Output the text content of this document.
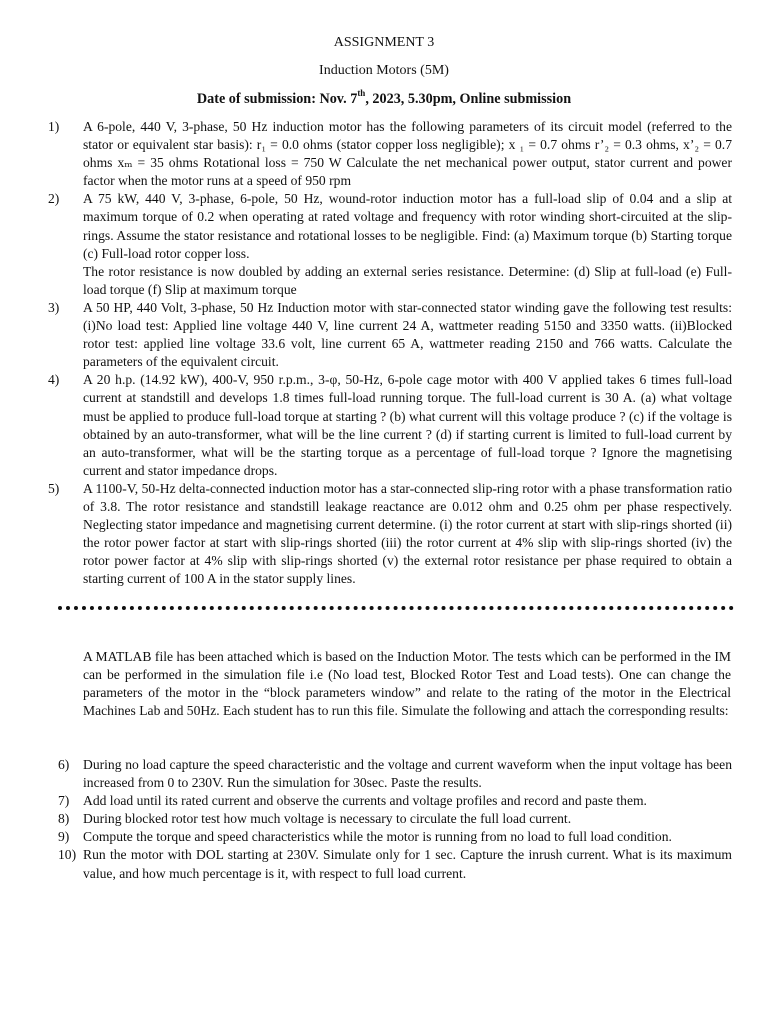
ASSIGNMENT 3
Induction Motors (5M)
Date of submission: Nov. 7th, 2023, 5.30pm, Online submission
1)	A 6-pole, 440 V, 3-phase, 50 Hz induction motor has the following parameters of its circuit model (referred to the stator or equivalent star basis): r₁ = 0.0 ohms (stator copper loss negligible); x ₁ = 0.7 ohms r’₂ = 0.3 ohms, x’₂ = 0.7 ohms xₘ = 35 ohms Rotational loss = 750 W Calculate the net mechanical power output, stator current and power factor when the motor runs at a speed of 950 rpm

2)	A 75 kW, 440 V, 3-phase, 6-pole, 50 Hz, wound-rotor induction motor has a full-load slip of 0.04 and a slip at maximum torque of 0.2 when operating at rated voltage and frequency with rotor winding short-circuited at the slip-rings. Assume the stator resistance and rotational losses to be negligible. Find: (a) Maximum torque (b) Starting torque (c) Full-load rotor copper loss.

The rotor resistance is now doubled by adding an external series resistance. Determine: (d) Slip at full-load (e) Full-load torque (f) Slip at maximum torque

3)	A 50 HP, 440 Volt, 3-phase, 50 Hz Induction motor with star-connected stator winding gave the following test results: (i)No load test: Applied line voltage 440 V, line current 24 A, wattmeter reading 5150 and 3350 watts. (ii)Blocked rotor test: applied line voltage 33.6 volt, line current 65 A, wattmeter reading 2150 and 766 watts. Calculate the parameters of the equivalent circuit.

4)	A 20 h.p. (14.92 kW), 400-V, 950 r.p.m., 3-φ, 50-Hz, 6-pole cage motor with 400 V applied takes 6 times full-load current at standstill and develops 1.8 times full-load running torque. The full-load current is 30 A. (a) what voltage must be applied to produce full-load torque at starting ? (b) what current will this voltage produce ? (c) if the voltage is obtained by an auto-transformer, what will be the line current ? (d) if starting current is limited to full-load current by an auto-transformer, what will be the starting torque as a percentage of full-load torque ? Ignore the magnetising current and stator impedance drops.

5)	A 1100-V, 50-Hz delta-connected induction motor has a star-connected slip-ring rotor with a phase transformation ratio of 3.8. The rotor resistance and standstill leakage reactance are 0.012 ohm and 0.25 ohm per phase respectively. Neglecting stator impedance and magnetising current determine. (i) the rotor current at start with slip-rings shorted (ii) the rotor power factor at start with slip-rings shorted (iii) the rotor current at 4% slip with slip-rings shorted (iv) the rotor power factor at 4% slip with slip-rings shorted (v) the external rotor resistance per phase required to obtain a starting current of 100 A in the stator supply lines.

A MATLAB file has been attached which is based on the Induction Motor. The tests which can be performed in the IM can be performed in the simulation file i.e (No load test, Blocked Rotor Test and Load tests). One can change the parameters of the motor in the “block parameters window” and relate to the rating of the motor in the Electrical Machines Lab and 50Hz. Each student has to run this file. Simulate the following and attach the corresponding results:

6)	During no load capture the speed characteristic and the voltage and current waveform when the input voltage has been increased from 0 to 230V. Run the simulation for 30sec. Paste the results.

7)	Add load until its rated current and observe the currents and voltage profiles and record and paste them.

8)	During blocked rotor test how much voltage is necessary to circulate the full load current.

9)	Compute the torque and speed characteristics while the motor is running from no load to full load condition.

10) Run the motor with DOL starting at 230V. Simulate only for 1 sec. Capture the inrush current. What is its maximum value, and how much percentage is it, with respect to full load current.
